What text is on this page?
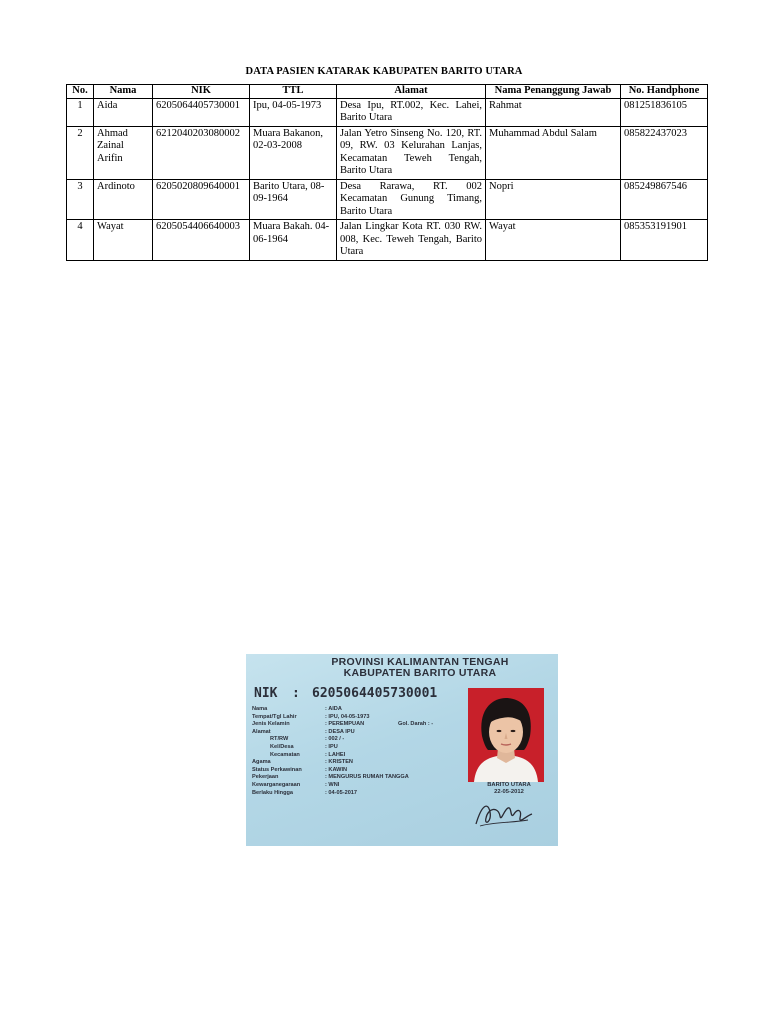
DATA PASIEN KATARAK KABUPATEN BARITO UTARA
No.	Nama	NIK	TTL	Alamat	Nama Penanggung Jawab	No. Handphone
1	Aida	6205064405730001	Ipu, 04-05-1973	Desa Ipu, RT.002, Kec. Lahei, Barito Utara	Rahmat	081251836105
2	Ahmad Zainal Arifin	6212040203080002	Muara Bakanon, 02-03-2008	Jalan Yetro Sinseng No. 120, RT. 09, RW. 03 Kelurahan Lanjas, Kecamatan Teweh Tengah, Barito Utara	Muhammad Abdul Salam	085822437023
3	Ardinoto	6205020809640001	Barito Utara, 08-09-1964	Desa Rarawa, RT. 002 Kecamatan Gunung Timang, Barito Utara	Nopri	085249867546
4	Wayat	6205054406640003	Muara Bakah. 04-06-1964	Jalan Lingkar Kota RT. 030 RW. 008, Kec. Teweh Tengah, Barito Utara	Wayat	085353191901
PROVINSI KALIMANTAN TENGAH
KABUPATEN BARITO UTARA
NIK : 6205064405730001
Nama	: AIDA
Tempat/Tgl Lahir	: IPU, 04-05-1973
Jenis Kelamin	: PEREMPUAN
Alamat	: DESA IPU
RT/RW	: 002 / -
Kel/Desa	: IPU
Kecamatan	: LAHEI
Agama	: KRISTEN
Status Perkawinan	: KAWIN
Pekerjaan	: MENGURUS RUMAH TANGGA
Kewarganegaraan	: WNI
Berlaku Hingga	: 04-05-2017
Gol. Darah : -
BARITO UTARA
22-05-2012
